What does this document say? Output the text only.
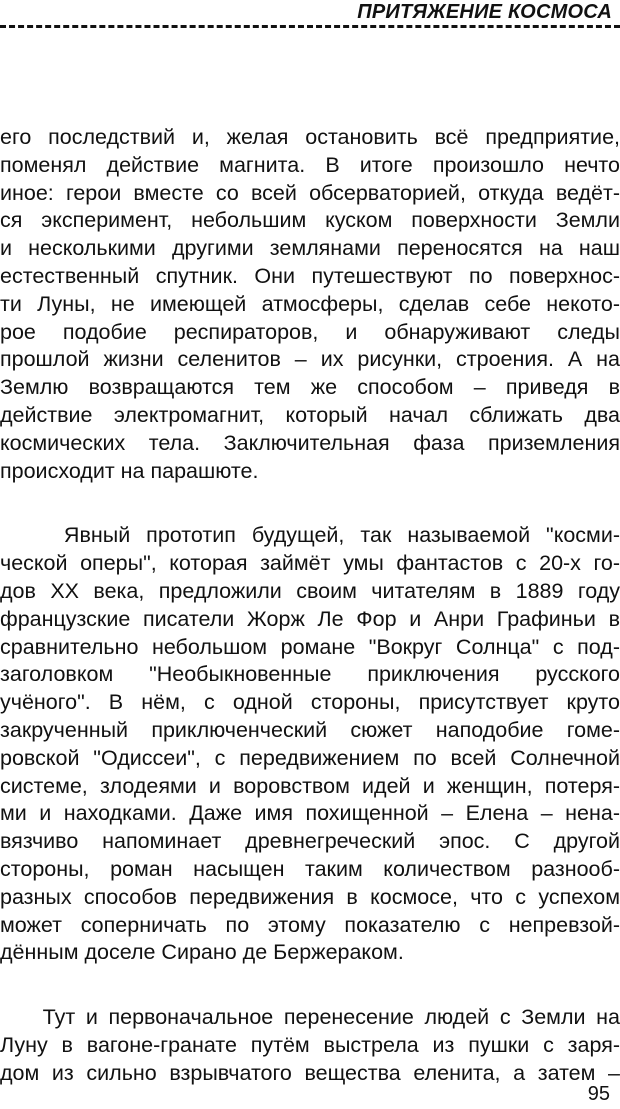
ПРИТЯЖЕНИЕ КОСМОСА
его последствий и, желая остановить всё предприятие,
поменял действие магнита. В итоге произошло нечто
иное: герои вместе со всей обсерваторией, откуда ведёт-
ся эксперимент, небольшим куском поверхности Земли
и несколькими другими землянами переносятся на наш
естественный спутник. Они путешествуют по поверхнос-
ти Луны, не имеющей атмосферы, сделав себе некото-
рое подобие респираторов, и обнаруживают следы
прошлой жизни селенитов – их рисунки, строения. А на
Землю возвращаются тем же способом – приведя в
действие электромагнит, который начал сближать два
космических тела. Заключительная фаза приземления
происходит на парашюте.
Явный прототип будущей, так называемой "косми-
ческой оперы", которая займёт умы фантастов с 20-х го-
дов XX века, предложили своим читателям в 1889 году
французские писатели Жорж Ле Фор и Анри Графиньи в
сравнительно небольшом романе "Вокруг Солнца" с под-
заголовком "Необыкновенные приключения русского
учёного". В нём, с одной стороны, присутствует круто
закрученный приключенческий сюжет наподобие гоме-
ровской "Одиссеи", с передвижением по всей Солнечной
системе, злодеями и воровством идей и женщин, потеря-
ми и находками. Даже имя похищенной – Елена – нена-
вязчиво напоминает древнегреческий эпос. С другой
стороны, роман насыщен таким количеством разнооб-
разных способов передвижения в космосе, что с успехом
может соперничать по этому показателю с непревзой-
дённым доселе Сирано де Бержераком.
Тут и первоначальное перенесение людей с Земли на
Луну в вагоне-гранате путём выстрела из пушки с заря-
дом из сильно взрывчатого вещества еленита, а затем –
95
